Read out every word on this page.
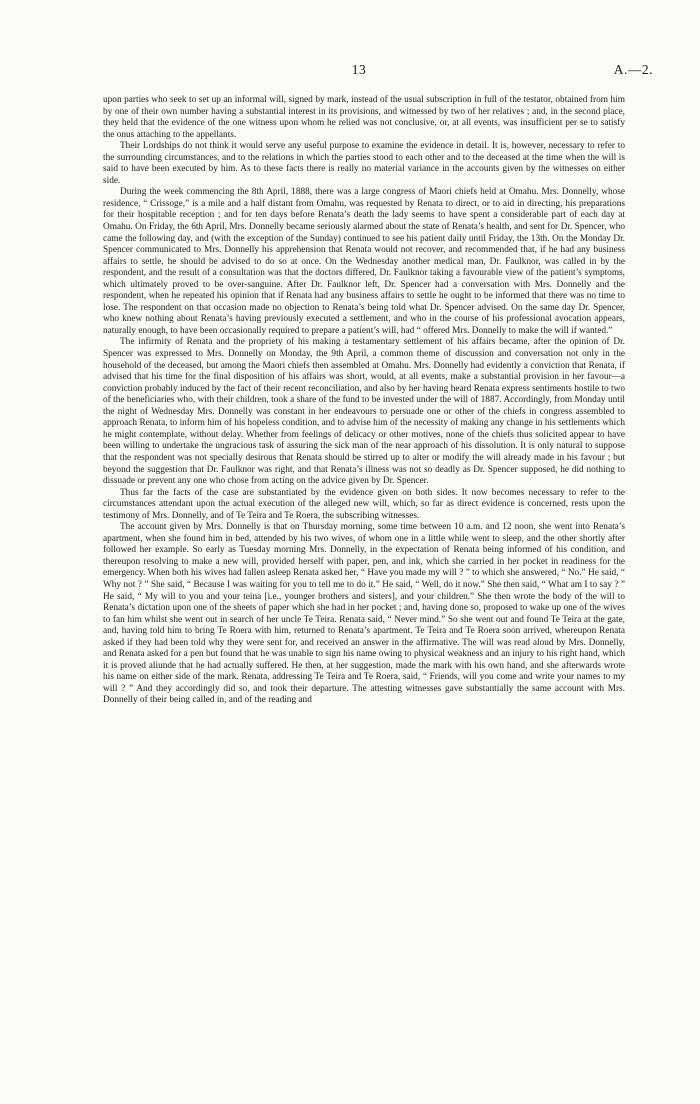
13	A.—2.

upon parties who seek to set up an informal will, signed by mark, instead of the usual subscription in full of the testator, obtained from him by one of their own number having a substantial interest in its provisions, and witnessed by two of her relatives ; and, in the second place, they held that the evidence of the one witness upon whom he relied was not conclusive, or, at all events, was insufficient per se to satisfy the onus attaching to the appellants.

Their Lordships do not think it would serve any useful purpose to examine the evidence in detail. It is, however, necessary to refer to the surrounding circumstances, and to the relations in which the parties stood to each other and to the deceased at the time when the will is said to have been executed by him. As to these facts there is really no material variance in the accounts given by the witnesses on either side.

During the week commencing the 8th April, 1888, there was a large congress of Maori chiefs held at Omahu. Mrs. Donnelly, whose residence, “ Crissoge,” is a mile and a half distant from Omahu, was requested by Renata to direct, or to aid in directing, his preparations for their hospitable reception ; and for ten days before Renata’s death the lady seems to have spent a considerable part of each day at Omahu. On Friday, the 6th April, Mrs. Donnelly became seriously alarmed about the state of Renata’s health, and sent for Dr. Spencer, who came the following day, and (with the exception of the Sunday) continued to see his patient daily until Friday, the 13th. On the Monday Dr. Spencer communicated to Mrs. Donnelly his apprehension that Renata would not recover, and recommended that, if he had any business affairs to settle, he should be advised to do so at once. On the Wednesday another medical man, Dr. Faulknor, was called in by the respondent, and the result of a consultation was that the doctors differed, Dr. Faulknor taking a favourable view of the patient’s symptoms, which ultimately proved to be over-sanguine. After Dr. Faulknor left, Dr. Spencer had a conversation with Mrs. Donnelly and the respondent, when he repeated his opinion that if Renata had any business affairs to settle he ought to be informed that there was no time to lose. The respondent on that occasion made no objection to Renata’s being told what Dr. Spencer advised. On the same day Dr. Spencer, who knew nothing about Renata’s having previously executed a settlement, and who in the course of his professional avocation appears, naturally enough, to have been occasionally required to prepare a patient’s will, had “ offered Mrs. Donnelly to make the will if wanted.”

The infirmity of Renata and the propriety of his making a testamentary settlement of his affairs became, after the opinion of Dr. Spencer was expressed to Mrs. Donnelly on Monday, the 9th April, a common theme of discussion and conversation not only in the household of the deceased, but among the Maori chiefs then assembled at Omahu. Mrs. Donnelly had evidently a conviction that Renata, if advised that his time for the final disposition of his affairs was short, would, at all events, make a substantial provision in her favour—a conviction probably induced by the fact of their recent reconciliation, and also by her having heard Renata express sentiments hostile to two of the beneficiaries who, with their children, took a share of the fund to be invested under the will of 1887. Accordingly, from Monday until the night of Wednesday Mrs. Donnelly was constant in her endeavours to persuade one or other of the chiefs in congress assembled to approach Renata, to inform him of his hopeless condition, and to advise him of the necessity of making any change in his settlements which he might contemplate, without delay. Whether from feelings of delicacy or other motives, none of the chiefs thus solicited appear to have been willing to undertake the ungracious task of assuring the sick man of the near approach of his dissolution. It is only natural to suppose that the respondent was not specially desirous that Renata should be stirred up to alter or modify the will already made in his favour ; but beyond the suggestion that Dr. Faulknor was right, and that Renata’s illness was not so deadly as Dr. Spencer supposed, he did nothing to dissuade or prevent any one who chose from acting on the advice given by Dr. Spencer.

Thus far the facts of the case are substantiated by the evidence given on both sides. It now becomes necessary to refer to the circumstances attendant upon the actual execution of the alleged new will, which, so far as direct evidence is concerned, rests upon the testimony of Mrs. Donnelly, and of Te Teira and Te Roera, the subscribing witnesses.

The account given by Mrs. Donnelly is that on Thursday morning, some time between 10 a.m. and 12 noon, she went into Renata’s apartment, when she found him in bed, attended by his two wives, of whom one in a little while went to sleep, and the other shortly after followed her example. So early as Tuesday morning Mrs. Donnelly, in the expectation of Renata being informed of his condition, and thereupon resolving to make a new will, provided herself with paper, pen, and ink, which she carried in her pocket in readiness for the emergency. When both his wives had fallen asleep Renata asked her, “ Have you made my will ? ” to which she answered, “ No.” He said, “ Why not ? ” She said, “ Because I was waiting for you to tell me to do it.” He said, “ Well, do it now.” She then said, “ What am I to say ? ” He said, “ My will to you and your teina [i.e., younger brothers and sisters], and your children.” She then wrote the body of the will to Renata’s dictation upon one of the sheets of paper which she had in her pocket ; and, having done so, proposed to wake up one of the wives to fan him whilst she went out in search of her uncle Te Teira. Renata said, “ Never mind.” So she went out and found Te Teira at the gate, and, having told him to bring Te Roera with him, returned to Renata’s apartment. Te Teira and Te Roera soon arrived, whereupon Renata asked if they had been told why they were sent for, and received an answer in the affirmative. The will was read aloud by Mrs. Donnelly, and Renata asked for a pen but found that he was unable to sign his name owing to physical weakness and an injury to his right hand, which it is proved aliunde that he had actually suffered. He then, at her suggestion, made the mark with his own hand, and she afterwards wrote his name on either side of the mark. Renata, addressing Te Teira and Te Roera, said, “ Friends, will you come and write your names to my will ? ” And they accordingly did so, and took their departure. The attesting witnesses gave substantially the same account with Mrs. Donnelly of their being called in, and of the reading and
